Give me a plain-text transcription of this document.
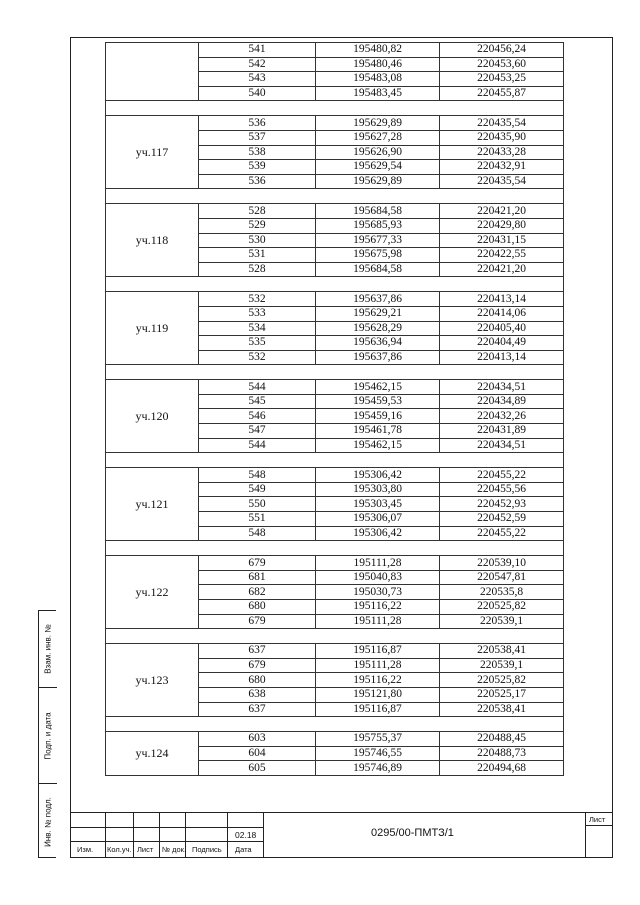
	541	195480,82	220456,24
	542	195480,46	220453,60
	543	195483,08	220453,25
	540	195483,45	220455,87

уч.117	536	195629,89	220435,54
	537	195627,28	220435,90
	538	195626,90	220433,28
	539	195629,54	220432,91
	536	195629,89	220435,54

уч.118	528	195684,58	220421,20
	529	195685,93	220429,80
	530	195677,33	220431,15
	531	195675,98	220422,55
	528	195684,58	220421,20

уч.119	532	195637,86	220413,14
	533	195629,21	220414,06
	534	195628,29	220405,40
	535	195636,94	220404,49
	532	195637,86	220413,14

уч.120	544	195462,15	220434,51
	545	195459,53	220434,89
	546	195459,16	220432,26
	547	195461,78	220431,89
	544	195462,15	220434,51

уч.121	548	195306,42	220455,22
	549	195303,80	220455,56
	550	195303,45	220452,93
	551	195306,07	220452,59
	548	195306,42	220455,22

уч.122	679	195111,28	220539,10
	681	195040,83	220547,81
	682	195030,73	220535,8
	680	195116,22	220525,82
	679	195111,28	220539,1

уч.123	637	195116,87	220538,41
	679	195111,28	220539,1
	680	195116,22	220525,82
	638	195121,80	220525,17
	637	195116,87	220538,41

уч.124	603	195755,37	220488,45
	604	195746,55	220488,73
	605	195746,89	220494,68
02.18
Изм. Кол.уч. Лист № док. Подпись Дата
0295/00-ПМТЗ/1
Лист
Взам. инв. №
Подп. и дата
Инв. № подл.
